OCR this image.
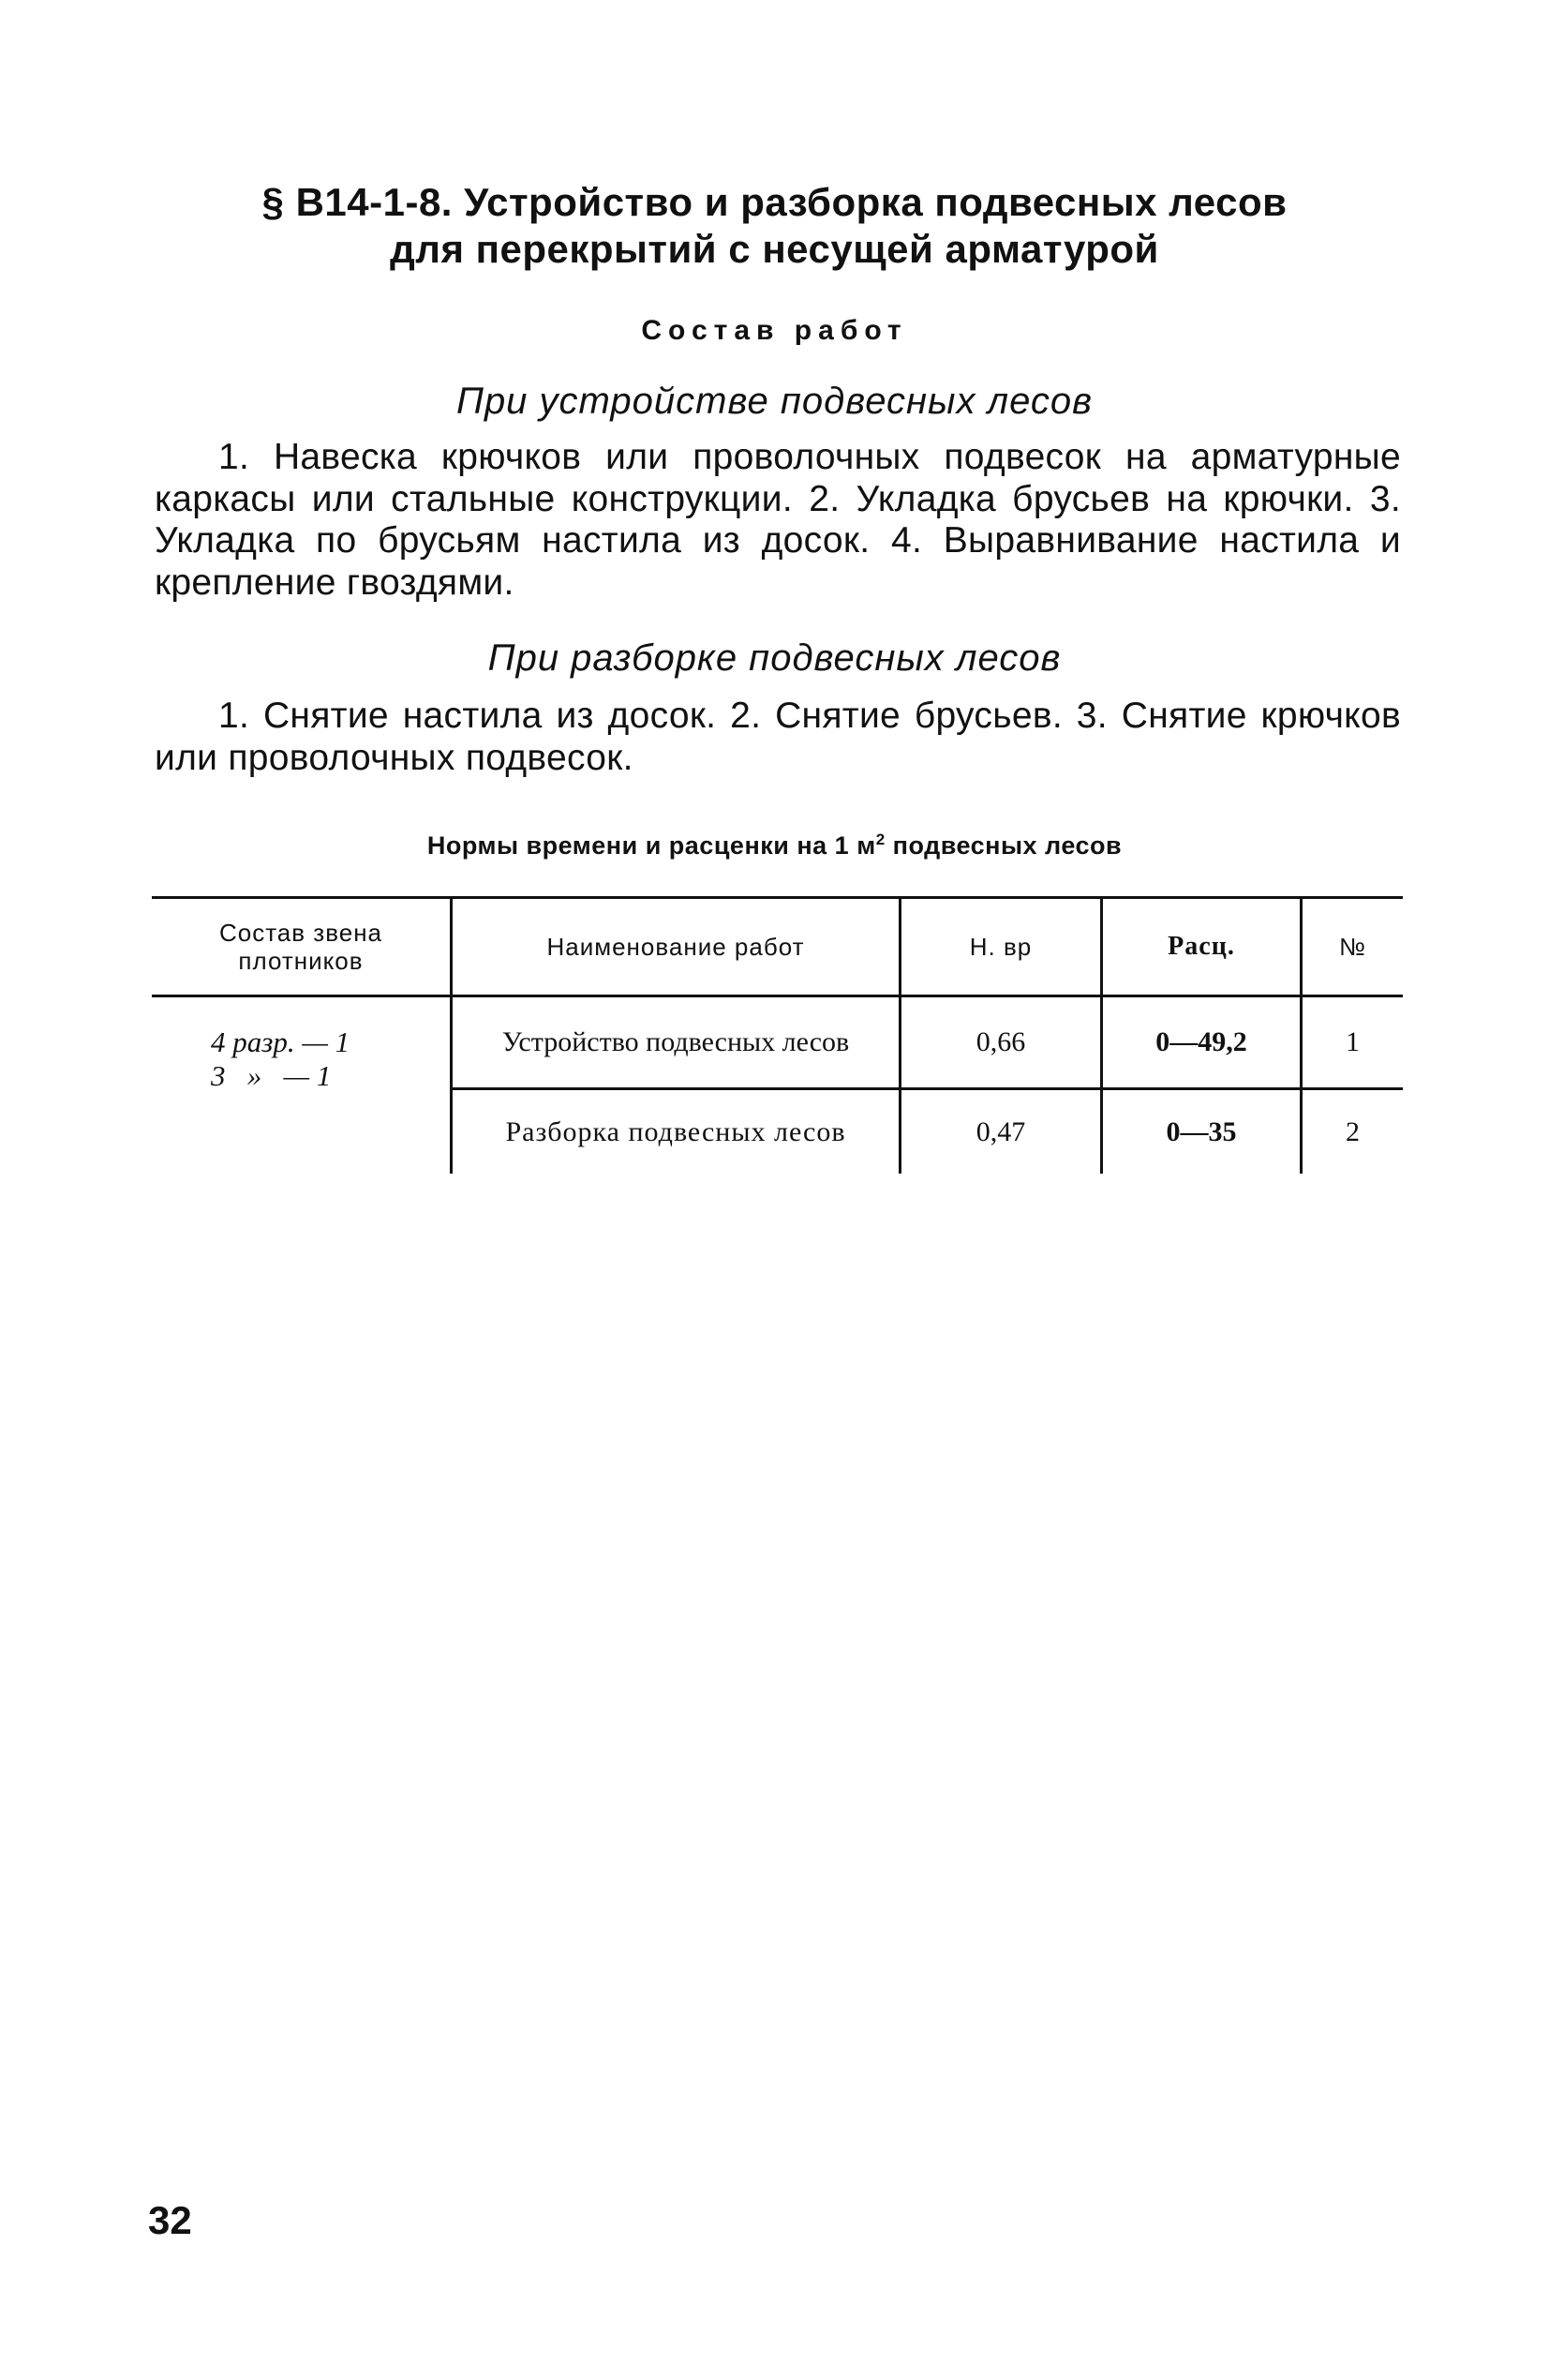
§ В14-1-8. Устройство и разборка подвесных лесов
для перекрытий с несущей арматурой
Состав работ
При устройстве подвесных лесов
1. Навеска крючков или проволочных подвесок на арматурные каркасы или стальные конструкции. 2. Укладка брусьев на крючки. 3. Укладка по брусьям настила из досок. 4. Выравнивание настила и крепление гвоздями.
При разборке подвесных лесов
1. Снятие настила из досок. 2. Снятие брусьев. 3. Снятие крючков или проволочных подвесок.
Нормы времени и расценки на 1 $м^2$ подвесных лесов
Состав звена
плотников	Наименование работ	Н. вр	Расц.	№
4 разр. — 1
3   »   — 1
Устройство подвесных лесов	0,66	0—49,2	1
Разборка подвесных лесов	0,47	0—35	2
32
